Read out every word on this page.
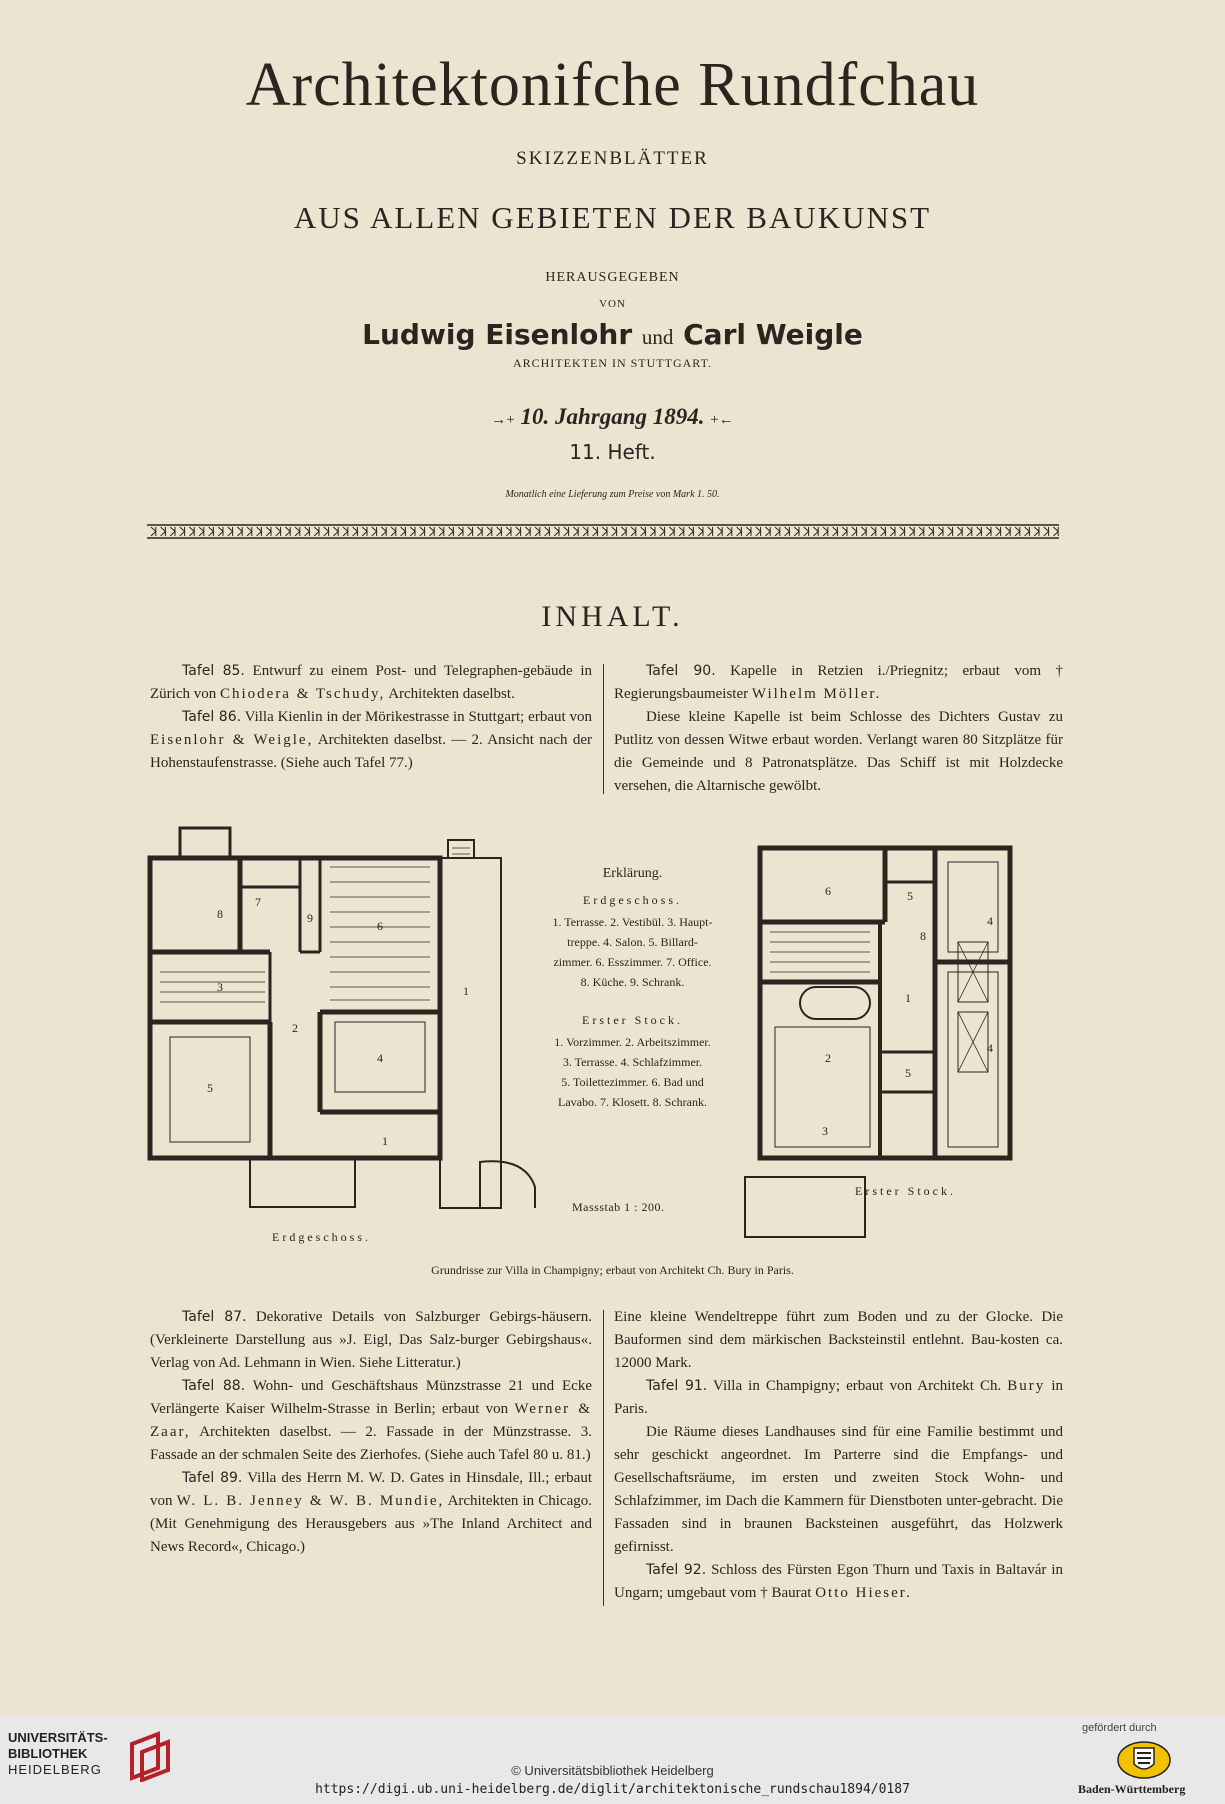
Architektonifche Rundfchau
SKIZZENBLÄTTER
AUS ALLEN GEBIETEN DER BAUKUNST
HERAUSGEGEBEN
VON
Ludwig Eisenlohr und Carl Weigle
ARCHITEKTEN IN STUTTGART.
→+ 10. Jahrgang 1894. +←
11. Heft.
Monatlich eine Lieferung zum Preise von Mark 1. 50.
INHALT.

Tafel 85. Entwurf zu einem Post- und Telegraphen-gebäude in Zürich von Chiodera & Tschudy, Architekten daselbst.

Tafel 86. Villa Kienlin in der Mörikestrasse in Stuttgart; erbaut von Eisenlohr & Weigle, Architekten daselbst. — 2. Ansicht nach der Hohenstaufenstrasse. (Siehe auch Tafel 77.)

Tafel 90. Kapelle in Retzien i./Priegnitz; erbaut vom † Regierungsbaumeister Wilhelm Möller.

Diese kleine Kapelle ist beim Schlosse des Dichters Gustav zu Putlitz von dessen Witwe erbaut worden. Verlangt waren 80 Sitzplätze für die Gemeinde und 8 Patronatsplätze. Das Schiff ist mit Holzdecke versehen, die Altarnische gewölbt.

8
7
9
6
1
3
2
4
5
1
6	5
8
4
1
2
5
4
3
Erklärung.
Erdgeschoss.
1. Terrasse. 2. Vestibül. 3. Haupt-
treppe. 4. Salon. 5. Billard-
zimmer. 6. Esszimmer. 7. Office.
8. Küche. 9. Schrank.
Erster Stock.
1. Vorzimmer. 2. Arbeitszimmer.
3. Terrasse. 4. Schlafzimmer.
5. Toilettezimmer. 6. Bad und
Lavabo. 7. Klosett. 8. Schrank.
Massstab 1 : 200.
Erdgeschoss.
Erster Stock.
Grundrisse zur Villa in Champigny; erbaut von Architekt Ch. Bury in Paris.

Tafel 87. Dekorative Details von Salzburger Gebirgs-häusern. (Verkleinerte Darstellung aus »J. Eigl, Das Salz-burger Gebirgshaus«. Verlag von Ad. Lehmann in Wien. Siehe Litteratur.)

Tafel 88. Wohn- und Geschäftshaus Münzstrasse 21 und Ecke Verlängerte Kaiser Wilhelm-Strasse in Berlin; erbaut von Werner & Zaar, Architekten daselbst. — 2. Fassade in der Münzstrasse. 3. Fassade an der schmalen Seite des Zierhofes. (Siehe auch Tafel 80 u. 81.)

Tafel 89. Villa des Herrn M. W. D. Gates in Hinsdale, Ill.; erbaut von W. L. B. Jenney & W. B. Mundie, Architekten in Chicago. (Mit Genehmigung des Herausgebers aus »The Inland Architect and News Record«, Chicago.)

Eine kleine Wendeltreppe führt zum Boden und zu der Glocke. Die Bauformen sind dem märkischen Backsteinstil entlehnt. Bau-kosten ca. 12000 Mark.

Tafel 91. Villa in Champigny; erbaut von Architekt Ch. Bury in Paris.

Die Räume dieses Landhauses sind für eine Familie bestimmt und sehr geschickt angeordnet. Im Parterre sind die Empfangs- und Gesellschaftsräume, im ersten und zweiten Stock Wohn- und Schlafzimmer, im Dach die Kammern für Dienstboten unter-gebracht. Die Fassaden sind in braunen Backsteinen ausgeführt, das Holzwerk gefirnisst.

Tafel 92. Schloss des Fürsten Egon Thurn und Taxis in Baltavár in Ungarn; umgebaut vom † Baurat Otto Hieser.

UNIVERSITÄTS-
BIBLIOTHEK
HEIDELBERG	© Universitätsbibliothek Heidelberg
https://digi.ub.uni-heidelberg.de/diglit/architektonische_rundschau1894/0187
gefördert durch
Baden-Württemberg
